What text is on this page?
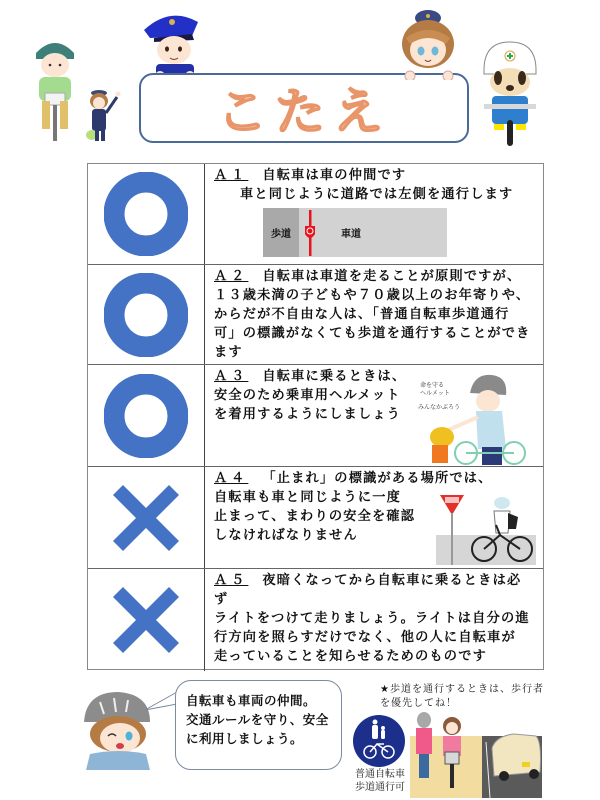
こたえ
Ａ１ 自転車は車の仲間です
車と同じように道路では左側を通行します
歩道	車道
Ａ２ 自転車は車道を走ることが原則ですが、
１３歳未満の子どもや７０歳以上のお年寄りや、
からだが不自由な人は、「普通自転車歩道通行
可」の標識がなくても歩道を通行することができ
ます
Ａ３ 自転車に乗るときは、
安全のため乗車用ヘルメット
を着用するようにしましょう
命を守る
ヘルメット
みんなかぶろう
Ａ４ 「止まれ」の標識がある場所では、
自転車も車と同じように一度
止まって、まわりの安全を確認
しなければなりません
Ａ５ 夜暗くなってから自転車に乗るときは必ず
ライトをつけて走りましょう。ライトは自分の進
行方向を照らすだけでなく、他の人に自転車が
走っていることを知らせるためのものです
自転車も車両の仲間。
交通ルールを守り、安全
に利用しましょう。
★歩道を通行するときは、歩行者
を優先してね！
普通自転車
歩道通行可
